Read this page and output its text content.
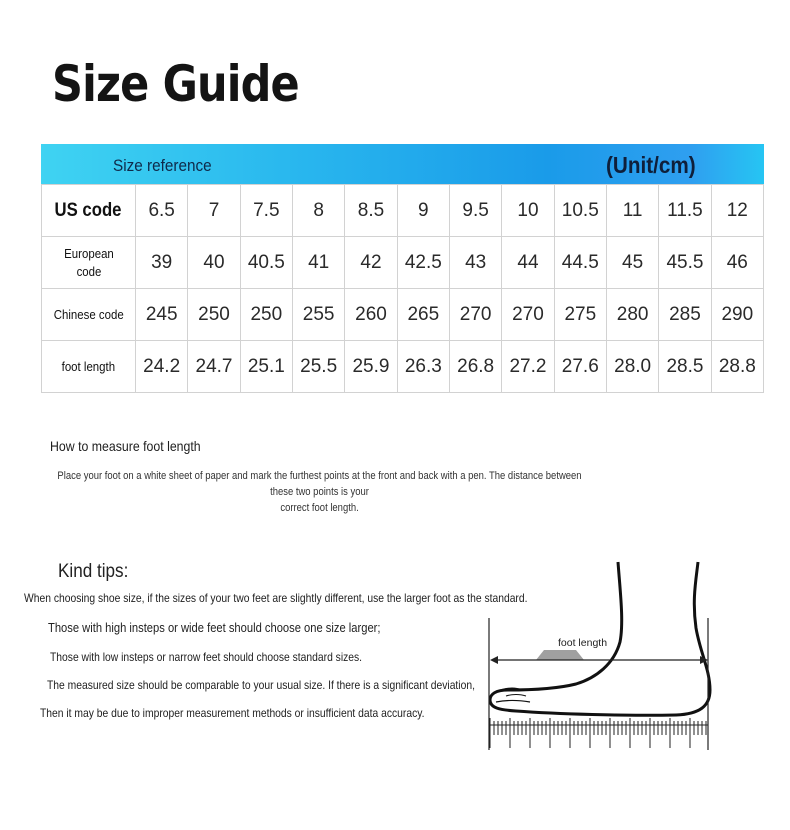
Size Guide
Size reference	(Unit/cm)
US code	6.5	7	7.5	8	8.5	9	9.5	10	10.5	11	11.5	12
European code	39	40	40.5	41	42	42.5	43	44	44.5	45	45.5	46
Chinese code	245	250	250	255	260	265	270	270	275	280	285	290
foot length	24.2	24.7	25.1	25.5	25.9	26.3	26.8	27.2	27.6	28.0	28.5	28.8
How to measure foot length
Place your foot on a white sheet of paper and mark the furthest points at the front and back with a pen. The distance between these two points is your
correct foot length.
Kind tips:
When choosing shoe size, if the sizes of your two feet are slightly different, use the larger foot as the standard.
Those with high insteps or wide feet should choose one size larger;
Those with low insteps or narrow feet should choose standard sizes.
The measured size should be comparable to your usual size. If there is a significant deviation,
Then it may be due to improper measurement methods or insufficient data accuracy.
foot length
